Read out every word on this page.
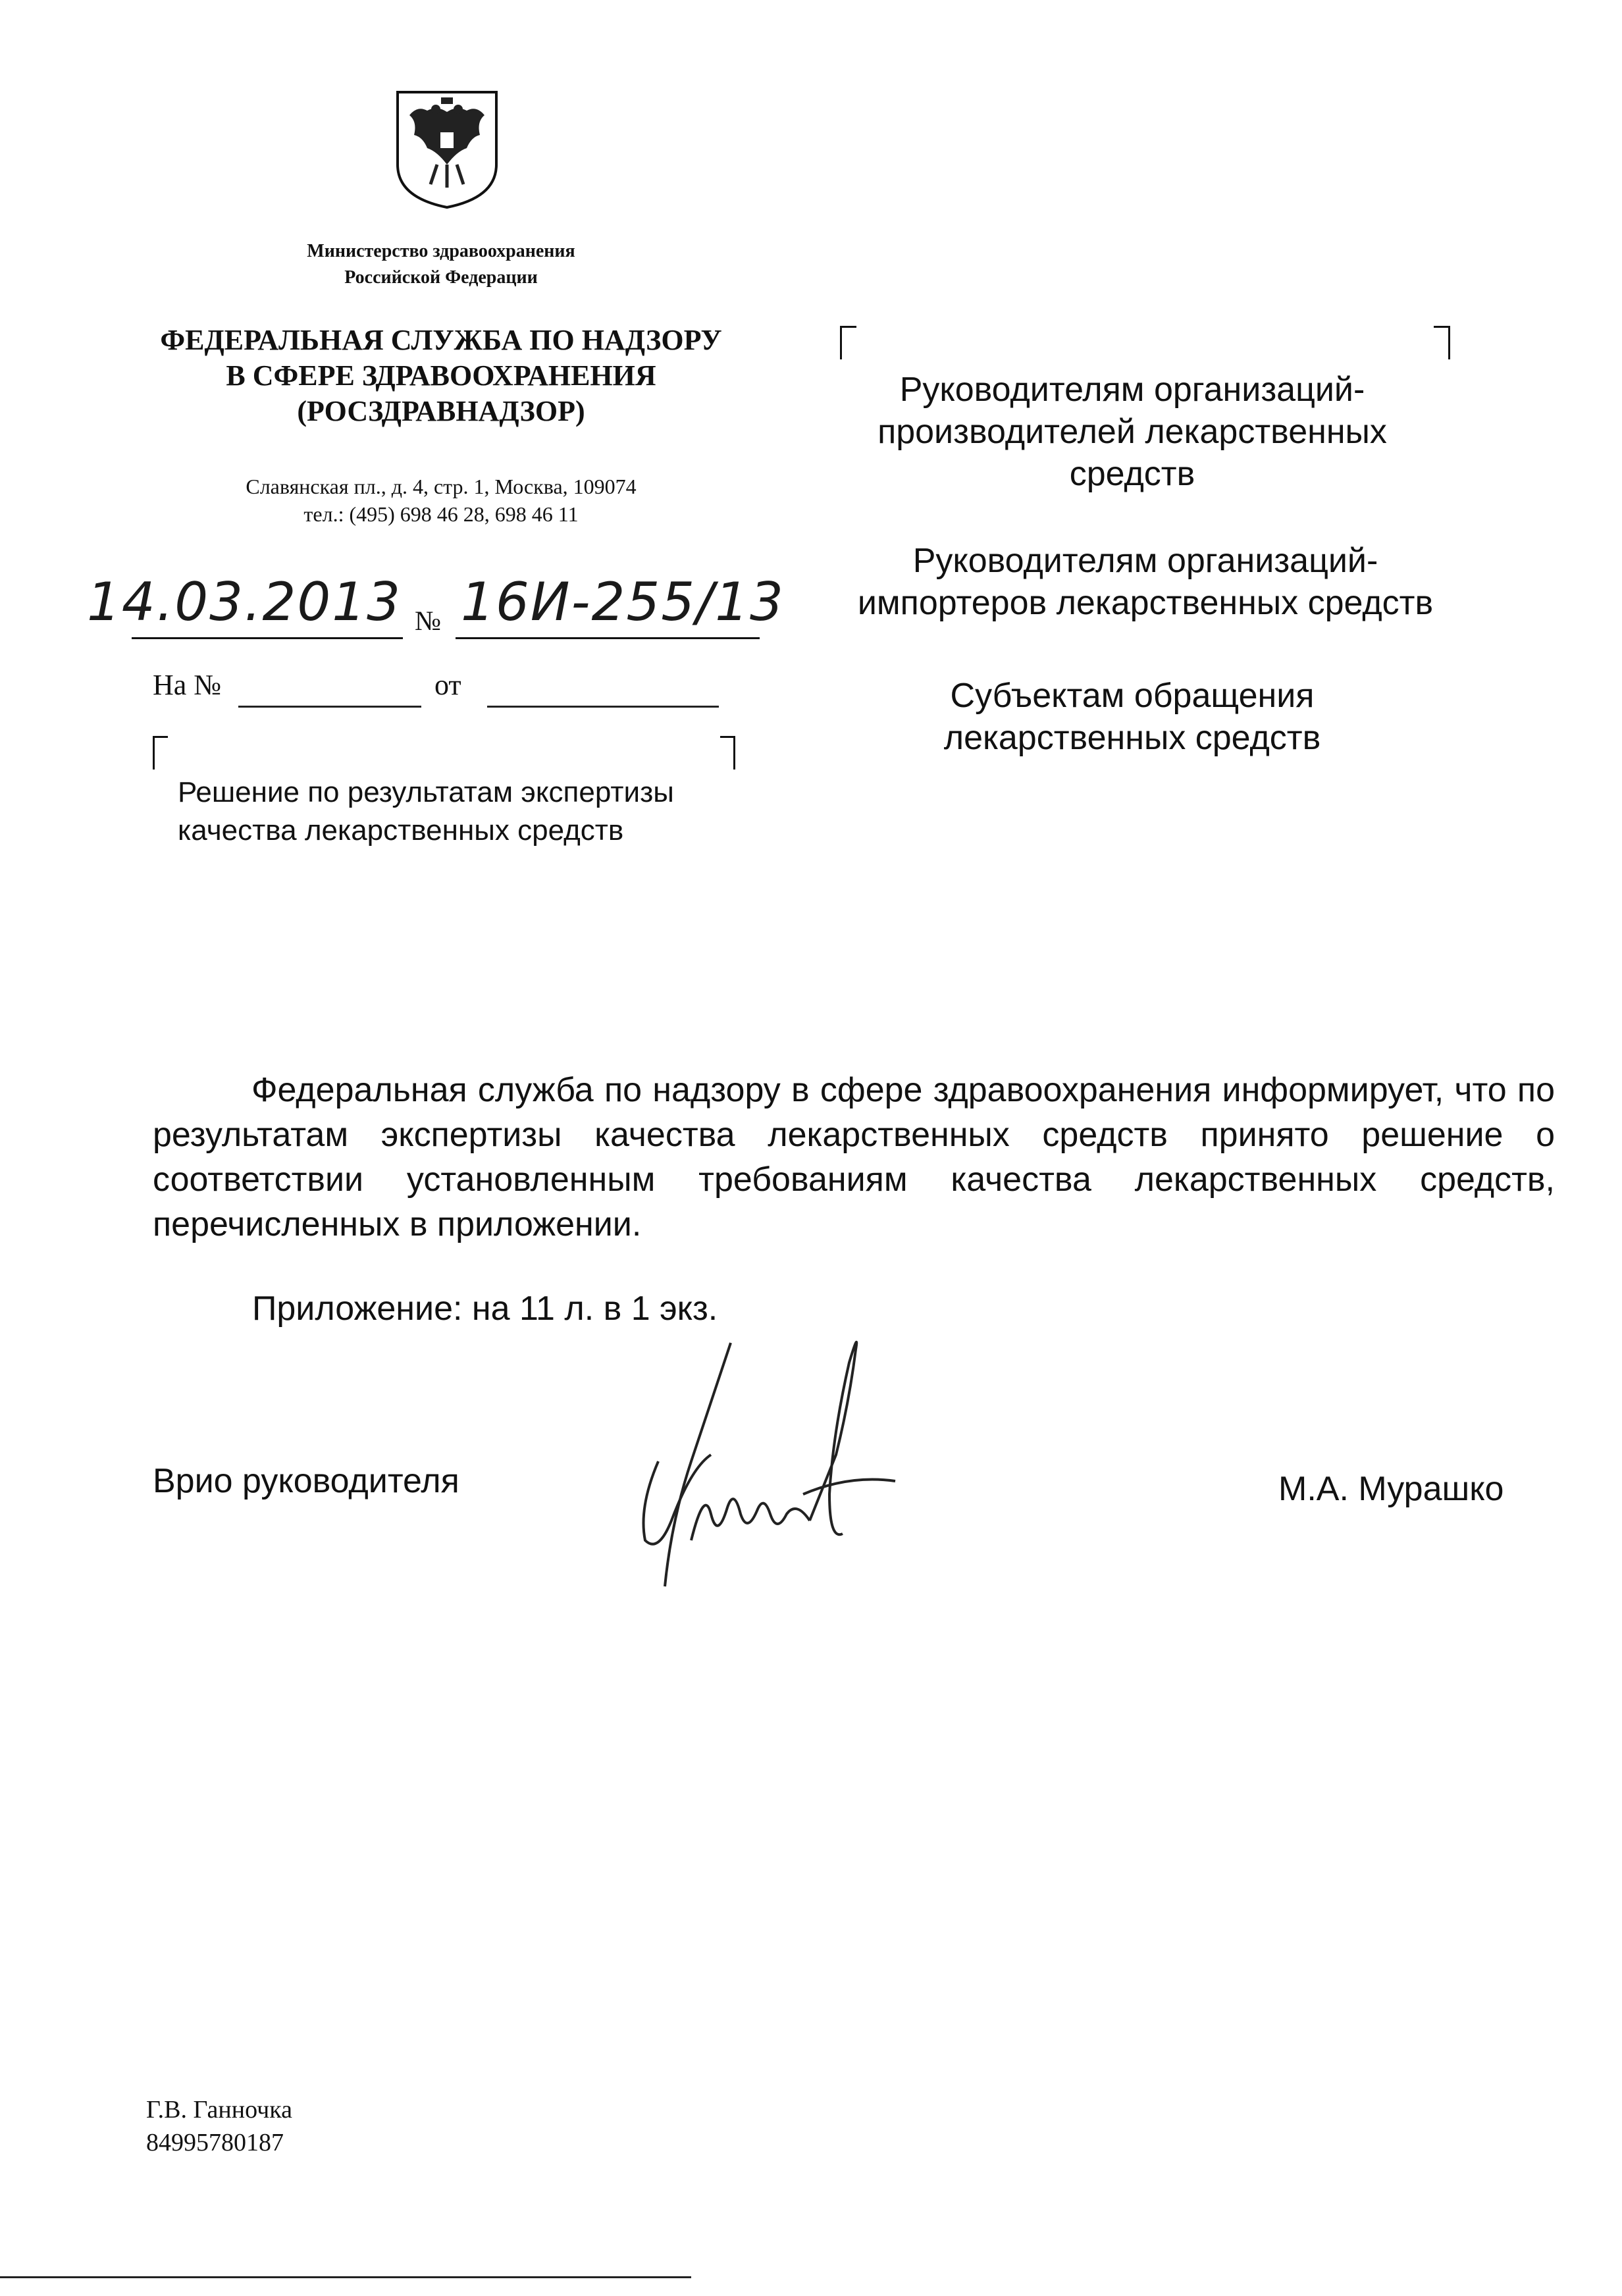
Министерство здравоохранения
Российской Федерации
ФЕДЕРАЛЬНАЯ СЛУЖБА ПО НАДЗОРУ
В СФЕРЕ ЗДРАВООХРАНЕНИЯ
(РОСЗДРАВНАДЗОР)
Славянская пл., д. 4, стр. 1, Москва, 109074
тел.: (495) 698 46 28, 698 46 11
14.03.2013 № 16И-255/13
На №	от
Решение по результатам экспертизы
качества лекарственных средств
Руководителям организаций-
производителей лекарственных
средств
Руководителям организаций-
импортеров лекарственных средств
Субъектам обращения
лекарственных средств

Федеральная служба по надзору в сфере здравоохранения информирует, что по результатам экспертизы качества лекарственных средств принято решение о соответствии установленным требованиям качества лекарственных средств, перечисленных в приложении.

Приложение: на 11 л. в 1 экз.
Врио руководителя	М.А. Мурашко
Г.В. Ганночка
84995780187
